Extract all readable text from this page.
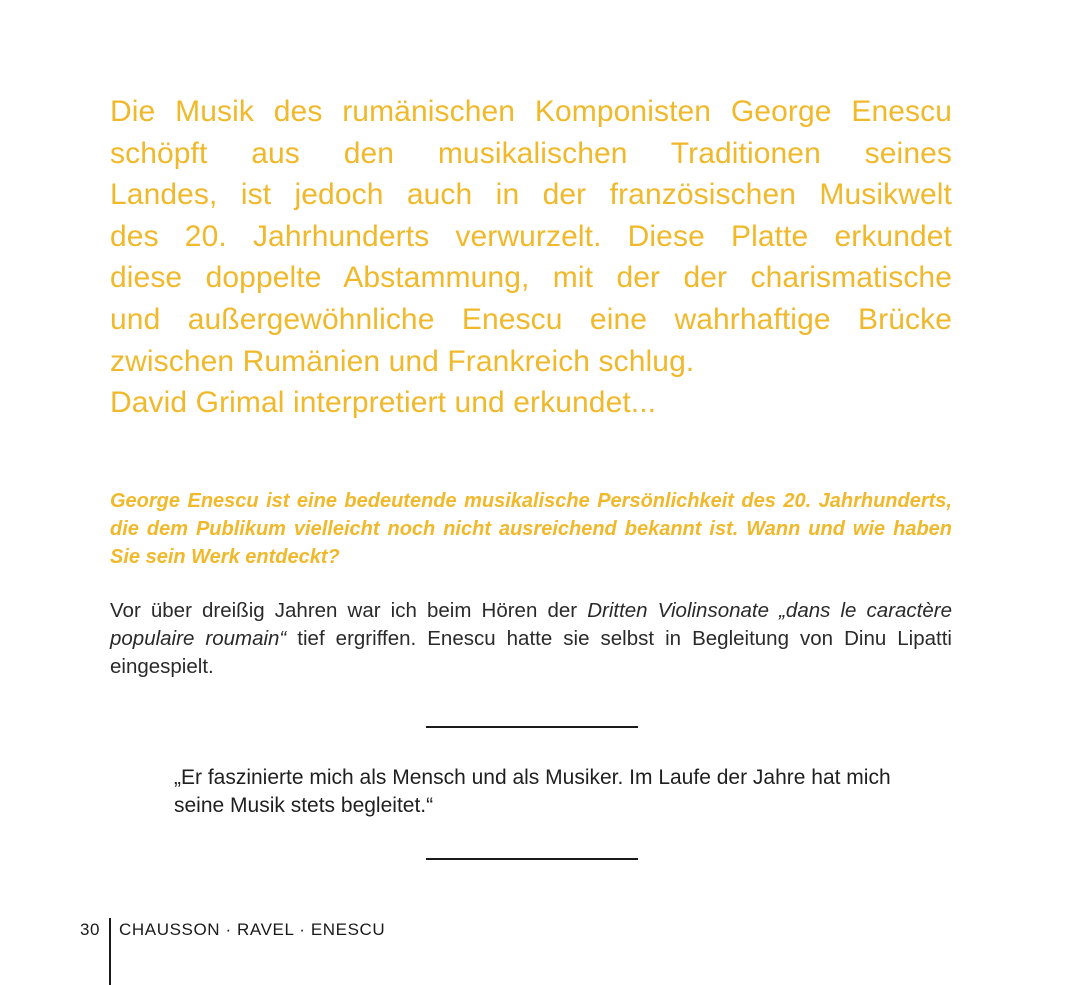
Die Musik des rumänischen Komponisten George Enescu
schöpft aus den musikalischen Traditionen seines
Landes, ist jedoch auch in der französischen Musikwelt
des 20. Jahrhunderts verwurzelt. Diese Platte erkundet
diese doppelte Abstammung, mit der der charismatische
und außergewöhnliche Enescu eine wahrhaftige Brücke
zwischen Rumänien und Frankreich schlug.
David Grimal interpretiert und erkundet...

George Enescu ist eine bedeutende musikalische Persönlichkeit des 20. Jahrhunderts, die dem Publikum vielleicht noch nicht ausreichend bekannt ist. Wann und wie haben Sie sein Werk entdeckt?

Vor über dreißig Jahren war ich beim Hören der Dritten Violinsonate „dans le caractère populaire roumain“ tief ergriffen. Enescu hatte sie selbst in Begleitung von Dinu Lipatti eingespielt.

„Er faszinierte mich als Mensch und als Musiker. Im Laufe der Jahre hat mich seine Musik stets begleitet.“

30 CHAUSSON · RAVEL · ENESCU
